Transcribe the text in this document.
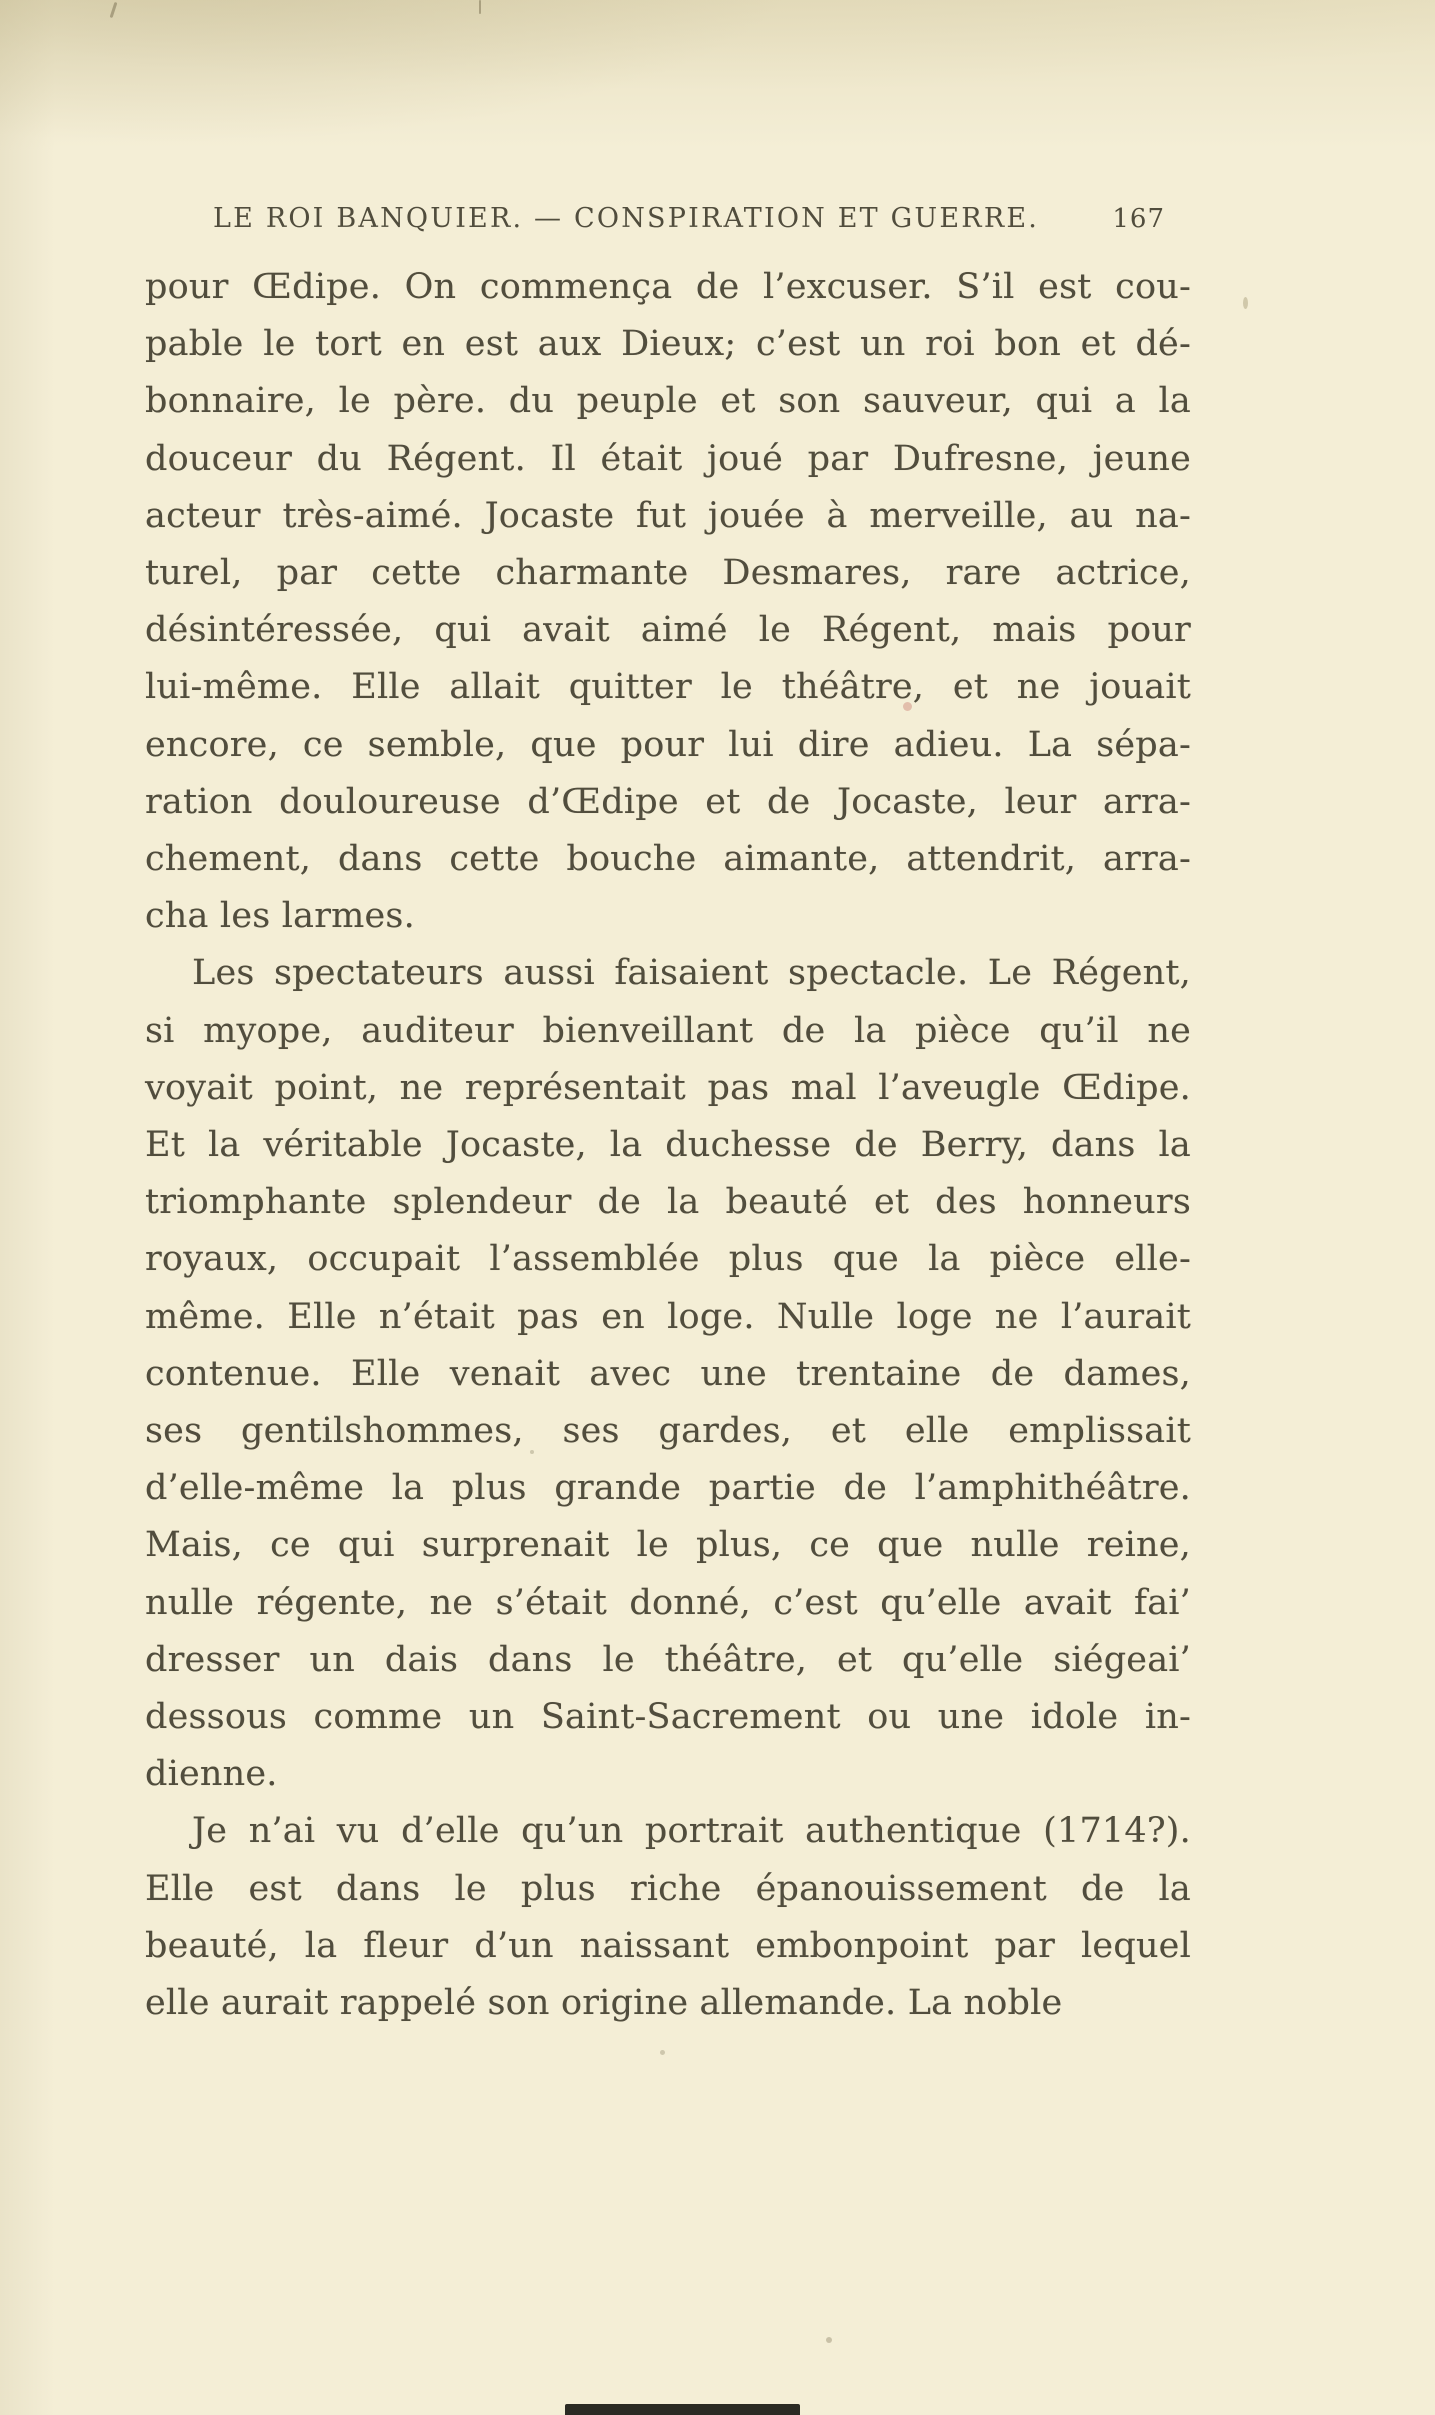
LE ROI BANQUIER. — CONSPIRATION ET GUERRE.	167
pour Œdipe. On commença de l’excuser. S’il est cou-
pable le tort en est aux Dieux; c’est un roi bon et dé-
bonnaire, le père. du peuple et son sauveur, qui a la
douceur du Régent. Il était joué par Dufresne, jeune
acteur très-aimé. Jocaste fut jouée à merveille, au na-
turel, par cette charmante Desmares, rare actrice,
désintéressée, qui avait aimé le Régent, mais pour
lui-même. Elle allait quitter le théâtre, et ne jouait
encore, ce semble, que pour lui dire adieu. La sépa-
ration douloureuse d’Œdipe et de Jocaste, leur arra-
chement, dans cette bouche aimante, attendrit, arra-
cha les larmes.
Les spectateurs aussi faisaient spectacle. Le Régent,
si myope, auditeur bienveillant de la pièce qu’il ne
voyait point, ne représentait pas mal l’aveugle Œdipe.
Et la véritable Jocaste, la duchesse de Berry, dans la
triomphante splendeur de la beauté et des honneurs
royaux, occupait l’assemblée plus que la pièce elle-
même. Elle n’était pas en loge. Nulle loge ne l’aurait
contenue. Elle venait avec une trentaine de dames,
ses gentilshommes, ses gardes, et elle emplissait
d’elle-même la plus grande partie de l’amphithéâtre.
Mais, ce qui surprenait le plus, ce que nulle reine,
nulle régente, ne s’était donné, c’est qu’elle avait fai’
dresser un dais dans le théâtre, et qu’elle siégeai’
dessous comme un Saint-Sacrement ou une idole in-
dienne.
Je n’ai vu d’elle qu’un portrait authentique (1714?).
Elle est dans le plus riche épanouissement de la
beauté, la fleur d’un naissant embonpoint par lequel
elle aurait rappelé son origine allemande. La noble
